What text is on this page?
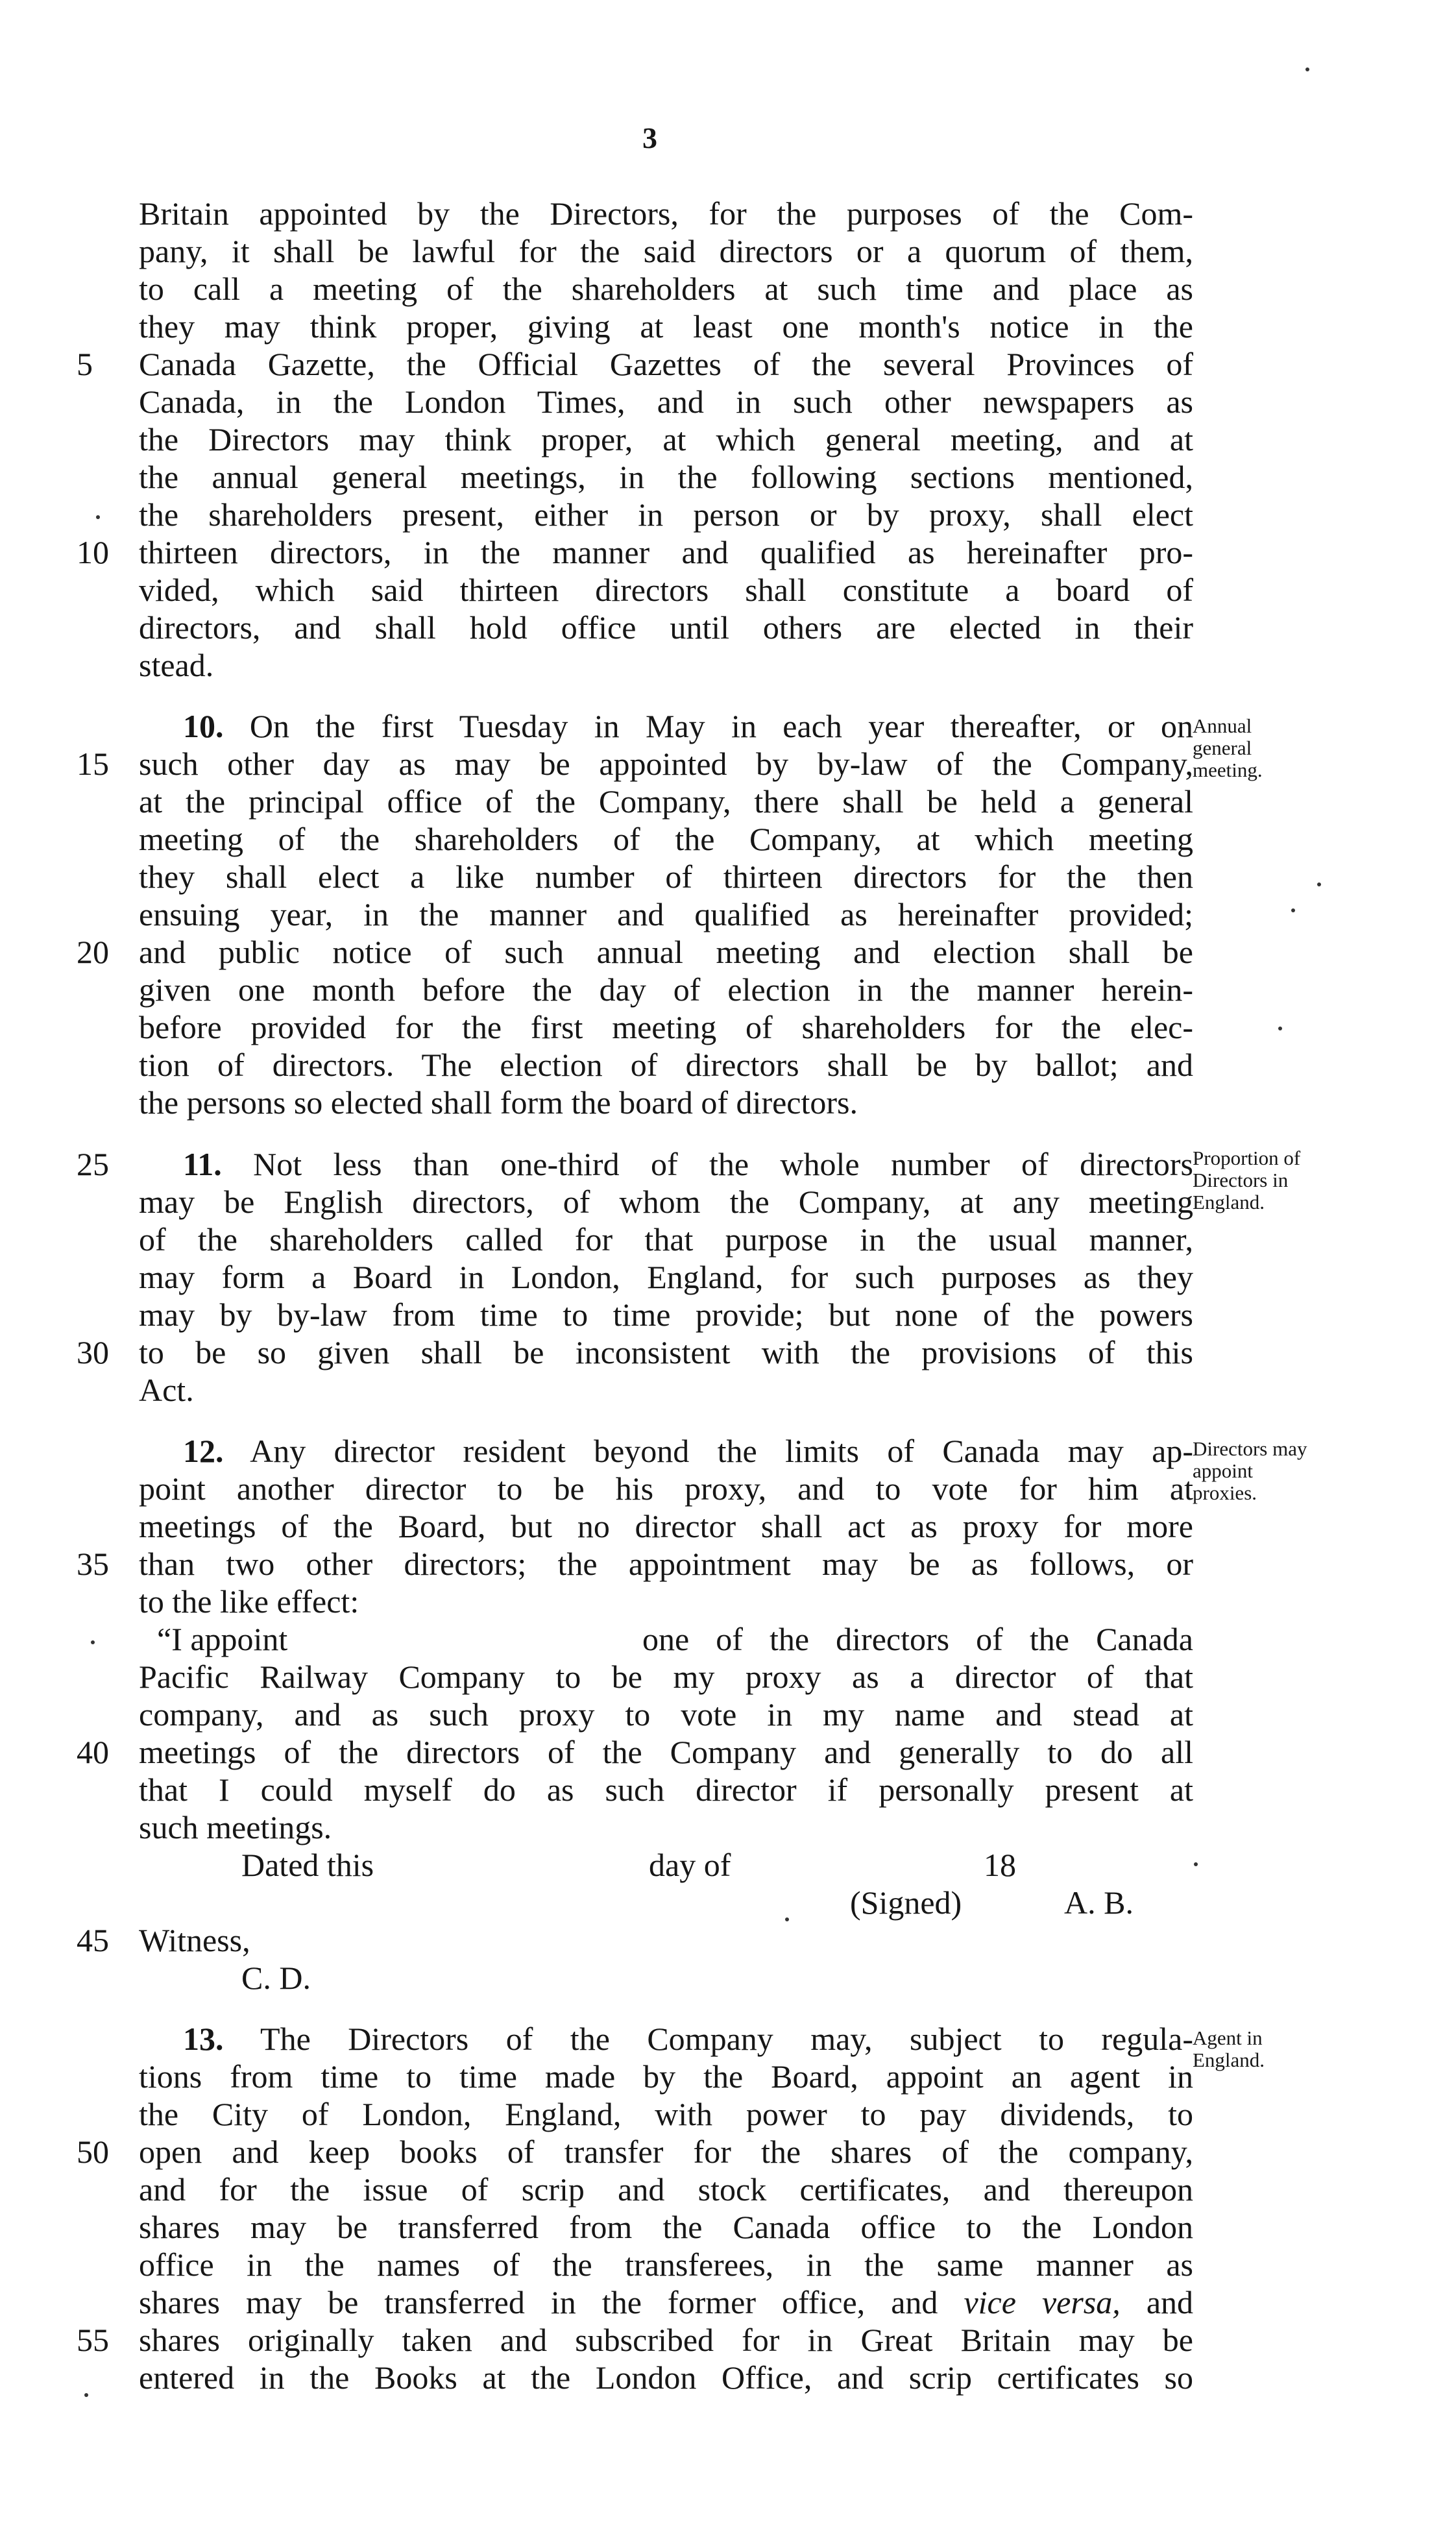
3
Britain appointed by the Directors, for the purposes of the Com-
pany, it shall be lawful for the said directors or a quorum of them,
to call a meeting of the shareholders at such time and place as
they may think proper, giving at least one month's notice in the
Canada Gazette, the Official Gazettes of the several Provinces of
Canada, in the London Times, and in such other newspapers as
the Directors may think proper, at which general meeting, and at
the annual general meetings, in the following sections mentioned,
the shareholders present, either in person or by proxy, shall elect
thirteen directors, in the manner and qualified as hereinafter pro-
vided, which said thirteen directors shall constitute a board of
directors, and shall hold office until others are elected in their
stead.
10. On the first Tuesday in May in each year thereafter, or on
such other day as may be appointed by by-law of the Company,
at the principal office of the Company, there shall be held a general
meeting of the shareholders of the Company, at which meeting
they shall elect a like number of thirteen directors for the then
ensuing year, in the manner and qualified as hereinafter provided;
and public notice of such annual meeting and election shall be
given one month before the day of election in the manner herein-
before provided for the first meeting of shareholders for the elec-
tion of directors. The election of directors shall be by ballot; and
the persons so elected shall form the board of directors.
Annual
general
meeting.
11. Not less than one-third of the whole number of directors
may be English directors, of whom the Company, at any meeting
of the shareholders called for that purpose in the usual manner,
may form a Board in London, England, for such purposes as they
may by by-law from time to time provide; but none of the powers
to be so given shall be inconsistent with the provisions of this
Act.
Proportion of
Directors in
England.
12. Any director resident beyond the limits of Canada may ap-
point another director to be his proxy, and to vote for him at
meetings of the Board, but no director shall act as proxy for more
than two other directors; the appointment may be as follows, or
to the like effect:
“I appoint	one of the directors of the Canada
Pacific Railway Company to be my proxy as a director of that
company, and as such proxy to vote in my name and stead at
meetings of the directors of the Company and generally to do all
that I could myself do as such director if personally present at
such meetings.
Dated this	day of	18
(Signed)	A. B.
Witness,
C. D.
Directors may
appoint
proxies.
13. The Directors of the Company may, subject to regula-
tions from time to time made by the Board, appoint an agent in
the City of London, England, with power to pay dividends, to
open and keep books of transfer for the shares of the company,
and for the issue of scrip and stock certificates, and thereupon
shares may be transferred from the Canada office to the London
office in the names of the transferees, in the same manner as
shares may be transferred in the former office, and vice versa, and
shares originally taken and subscribed for in Great Britain may be
entered in the Books at the London Office, and scrip certificates so
Agent in
England.
5
10
15
20
25
30
35
40
45
50
55
